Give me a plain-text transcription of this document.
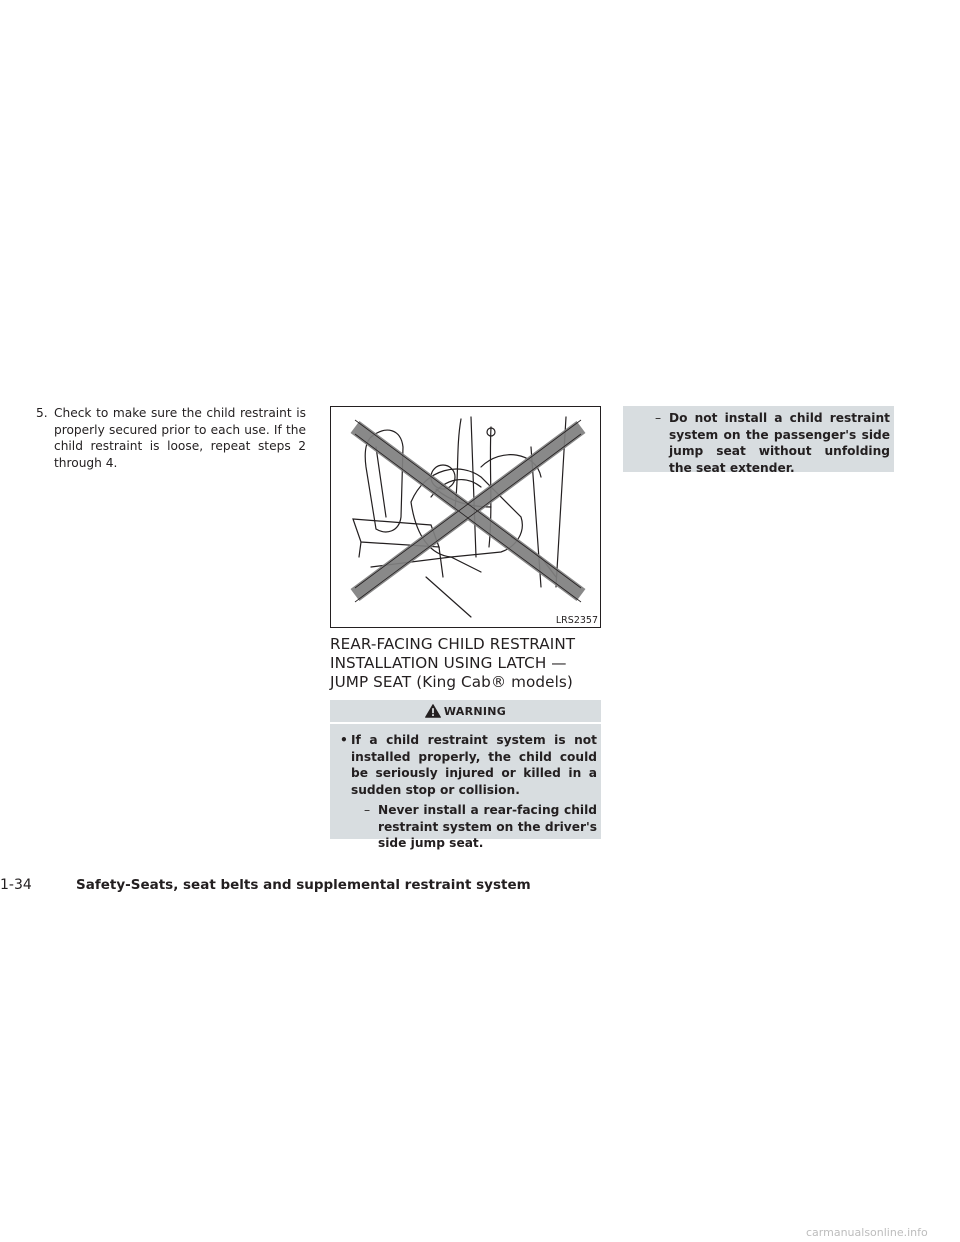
5. Check to make sure the child restraint is properly secured prior to each use. If the child restraint is loose, repeat steps 2 through 4.
LRS2357
REAR-FACING CHILD RESTRAINT INSTALLATION USING LATCH — JUMP SEAT (King Cab® models)
WARNING
• If a child restraint system is not installed properly, the child could be seriously injured or killed in a sudden stop or collision.
– Never install a rear-facing child restraint system on the driver's side jump seat.
– Do not install a child restraint system on the passenger's side jump seat without unfolding the seat extender.
1-34	Safety-Seats, seat belts and supplemental restraint system
carmanualsonline.info
